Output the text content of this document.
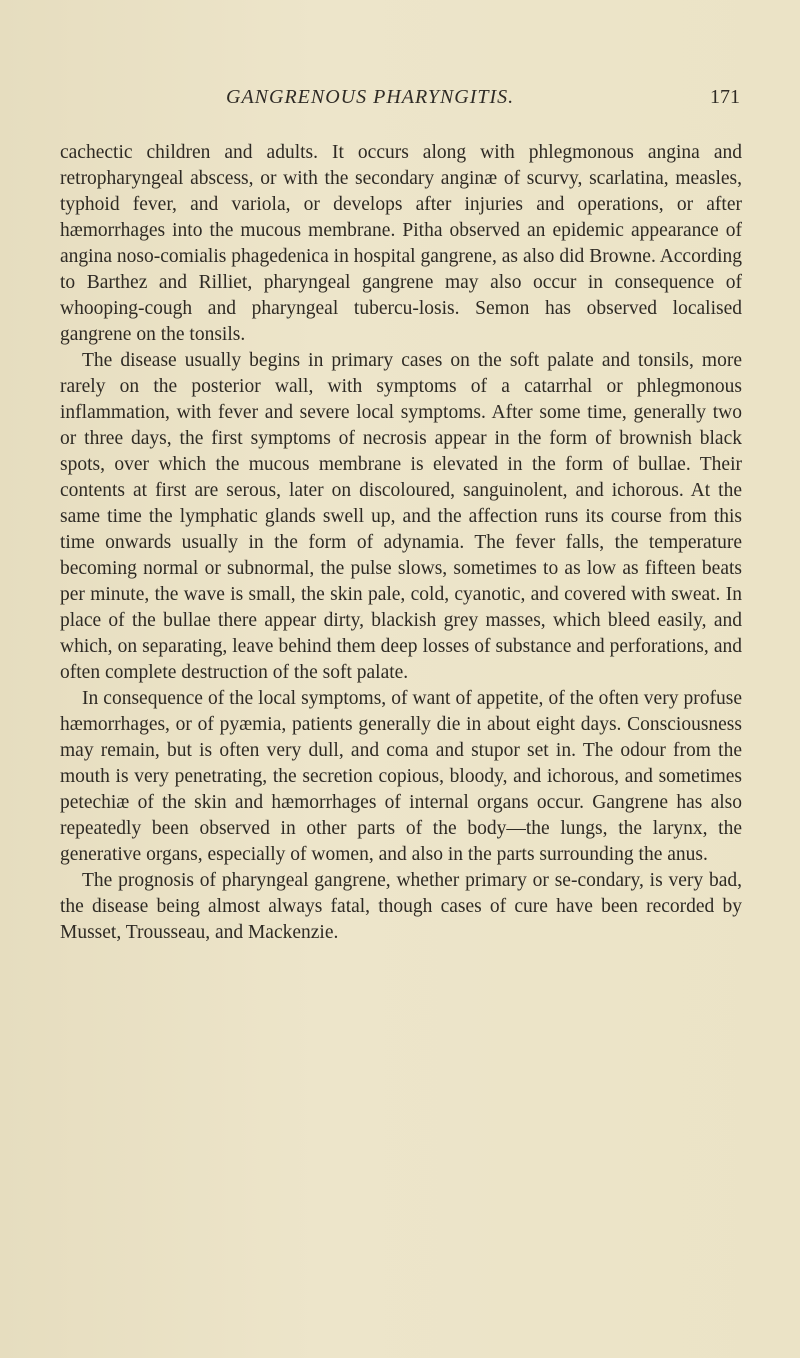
GANGRENOUS PHARYNGITIS.	171

cachectic children and adults. It occurs along with phlegmonous angina and retropharyngeal abscess, or with the secondary anginæ of scurvy, scarlatina, measles, typhoid fever, and variola, or develops after injuries and operations, or after hæmorrhages into the mucous membrane. Pitha observed an epidemic appearance of angina noso-comialis phagedenica in hospital gangrene, as also did Browne. According to Barthez and Rilliet, pharyngeal gangrene may also occur in consequence of whooping-cough and pharyngeal tubercu-losis. Semon has observed localised gangrene on the tonsils.

The disease usually begins in primary cases on the soft palate and tonsils, more rarely on the posterior wall, with symptoms of a catarrhal or phlegmonous inflammation, with fever and severe local symptoms. After some time, generally two or three days, the first symptoms of necrosis appear in the form of brownish black spots, over which the mucous membrane is elevated in the form of bullae. Their contents at first are serous, later on discoloured, sanguinolent, and ichorous. At the same time the lymphatic glands swell up, and the affection runs its course from this time onwards usually in the form of adynamia. The fever falls, the temperature becoming normal or subnormal, the pulse slows, sometimes to as low as fifteen beats per minute, the wave is small, the skin pale, cold, cyanotic, and covered with sweat. In place of the bullae there appear dirty, blackish grey masses, which bleed easily, and which, on separating, leave behind them deep losses of substance and perforations, and often complete destruction of the soft palate.

In consequence of the local symptoms, of want of appetite, of the often very profuse hæmorrhages, or of pyæmia, patients generally die in about eight days. Consciousness may remain, but is often very dull, and coma and stupor set in. The odour from the mouth is very penetrating, the secretion copious, bloody, and ichorous, and sometimes petechiæ of the skin and hæmorrhages of internal organs occur. Gangrene has also repeatedly been observed in other parts of the body—the lungs, the larynx, the generative organs, especially of women, and also in the parts surrounding the anus.

The prognosis of pharyngeal gangrene, whether primary or se-condary, is very bad, the disease being almost always fatal, though cases of cure have been recorded by Musset, Trousseau, and Mackenzie.
